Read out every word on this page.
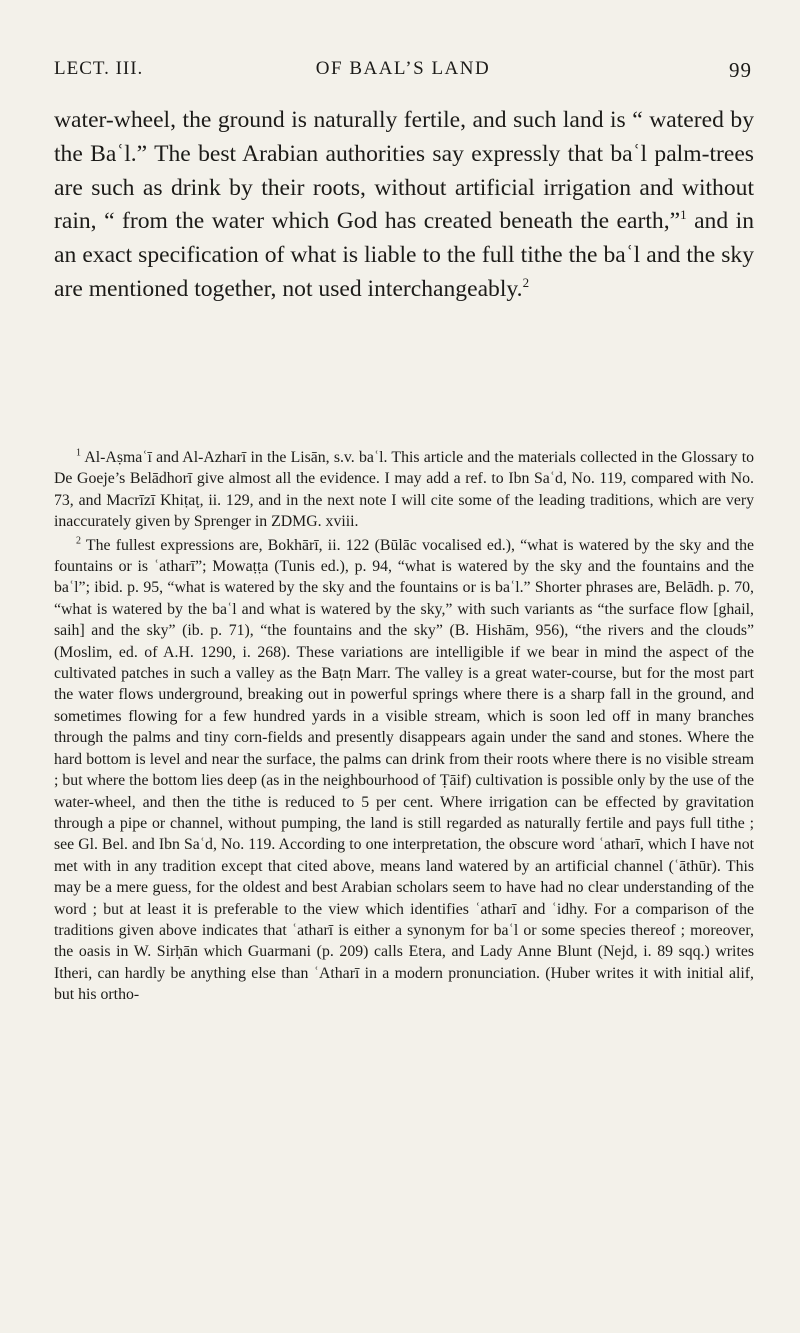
LECT. III.	OF BAAL’S LAND	99

water-wheel, the ground is naturally fertile, and such land is “ watered by the Baʿl.” The best Arabian authorities say expressly that baʿl palm-trees are such as drink by their roots, without artificial irrigation and without rain, “ from the water which God has created beneath the earth,”$^1$ and in an exact specification of what is liable to the full tithe the baʿl and the sky are mentioned together, not used interchangeably.$^2$

$^1$ Al-Aṣmaʿī and Al-Azharī in the Lisān, s.v. baʿl. This article and the materials collected in the Glossary to De Goeje’s Belādhorī give almost all the evidence. I may add a ref. to Ibn Saʿd, No. 119, compared with No. 73, and Macrīzī Khiṭaṭ, ii. 129, and in the next note I will cite some of the leading traditions, which are very inaccurately given by Sprenger in ZDMG. xviii.

$^2$ The fullest expressions are, Bokhārī, ii. 122 (Būlāc vocalised ed.), “what is watered by the sky and the fountains or is ʿatharī”; Mowaṭṭa (Tunis ed.), p. 94, “what is watered by the sky and the fountains and the baʿl”; ibid. p. 95, “what is watered by the sky and the fountains or is baʿl.” Shorter phrases are, Belādh. p. 70, “what is watered by the baʿl and what is watered by the sky,” with such variants as “the surface flow [ghail, saih] and the sky” (ib. p. 71), “the fountains and the sky” (B. Hishām, 956), “the rivers and the clouds” (Moslim, ed. of A.H. 1290, i. 268). These variations are intelligible if we bear in mind the aspect of the cultivated patches in such a valley as the Baṭn Marr. The valley is a great water-course, but for the most part the water flows underground, breaking out in powerful springs where there is a sharp fall in the ground, and sometimes flowing for a few hundred yards in a visible stream, which is soon led off in many branches through the palms and tiny corn-fields and presently disappears again under the sand and stones. Where the hard bottom is level and near the surface, the palms can drink from their roots where there is no visible stream ; but where the bottom lies deep (as in the neighbourhood of Ṭāif) cultivation is possible only by the use of the water-wheel, and then the tithe is reduced to 5 per cent. Where irrigation can be effected by gravitation through a pipe or channel, without pumping, the land is still regarded as naturally fertile and pays full tithe ; see Gl. Bel. and Ibn Saʿd, No. 119. According to one interpretation, the obscure word ʿatharī, which I have not met with in any tradition except that cited above, means land watered by an artificial channel (ʿāthūr). This may be a mere guess, for the oldest and best Arabian scholars seem to have had no clear understanding of the word ; but at least it is preferable to the view which identifies ʿatharī and ʿidhy. For a comparison of the traditions given above indicates that ʿatharī is either a synonym for baʿl or some species thereof ; moreover, the oasis in W. Sirḥān which Guarmani (p. 209) calls Etera, and Lady Anne Blunt (Nejd, i. 89 sqq.) writes Itheri, can hardly be anything else than ʿAtharī in a modern pronunciation. (Huber writes it with initial alif, but his ortho-
